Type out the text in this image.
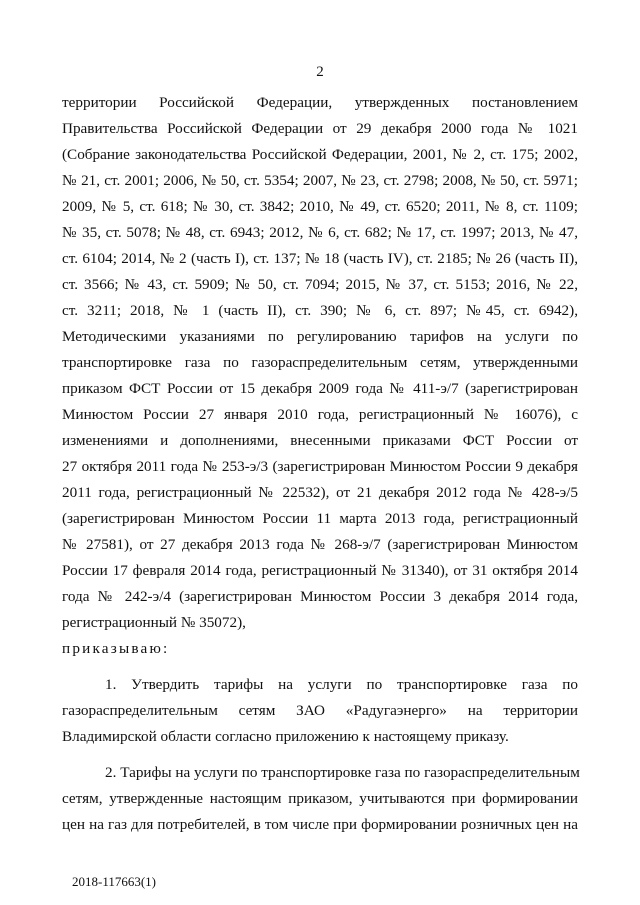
2
территории Российской Федерации, утвержденных постановлением
Правительства Российской Федерации от 29 декабря 2000 года № 1021
(Собрание законодательства Российской Федерации, 2001, № 2, ст. 175; 2002,
№ 21, ст. 2001; 2006, № 50, ст. 5354; 2007, № 23, ст. 2798; 2008, № 50, ст. 5971;
2009, № 5, ст. 618; № 30, ст. 3842; 2010, № 49, ст. 6520; 2011, № 8, ст. 1109;
№ 35, ст. 5078; № 48, ст. 6943; 2012, № 6, ст. 682; № 17, ст. 1997; 2013, № 47,
ст. 6104; 2014, № 2 (часть I), ст. 137; № 18 (часть IV), ст. 2185; № 26 (часть II),
ст. 3566; № 43, ст. 5909; № 50, ст. 7094; 2015, № 37, ст. 5153; 2016, № 22,
ст. 3211; 2018, № 1 (часть II), ст. 390; № 6, ст. 897; №45, ст. 6942),
Методическими указаниями по регулированию тарифов на услуги по
транспортировке газа по газораспределительным сетям, утвержденными
приказом ФСТ России от 15 декабря 2009 года № 411-э/7 (зарегистрирован
Минюстом России 27 января 2010 года, регистрационный № 16076), с
изменениями и дополнениями, внесенными приказами ФСТ России от
27 октября 2011 года № 253-э/3 (зарегистрирован Минюстом России 9 декабря
2011 года, регистрационный № 22532), от 21 декабря 2012 года № 428-э/5
(зарегистрирован Минюстом России 11 марта 2013 года, регистрационный
№ 27581), от 27 декабря 2013 года № 268-э/7 (зарегистрирован Минюстом
России 17 февраля 2014 года, регистрационный № 31340), от 31 октября 2014
года № 242-э/4 (зарегистрирован Минюстом России 3 декабря 2014 года,
регистрационный № 35072),
приказываю:
1. Утвердить тарифы на услуги по транспортировке газа по
газораспределительным сетям ЗАО «Радугаэнерго» на территории
Владимирской области согласно приложению к настоящему приказу.
2. Тарифы на услуги по транспортировке газа по газораспределительным
сетям, утвержденные настоящим приказом, учитываются при формировании
цен на газ для потребителей, в том числе при формировании розничных цен на
2018-117663(1)
